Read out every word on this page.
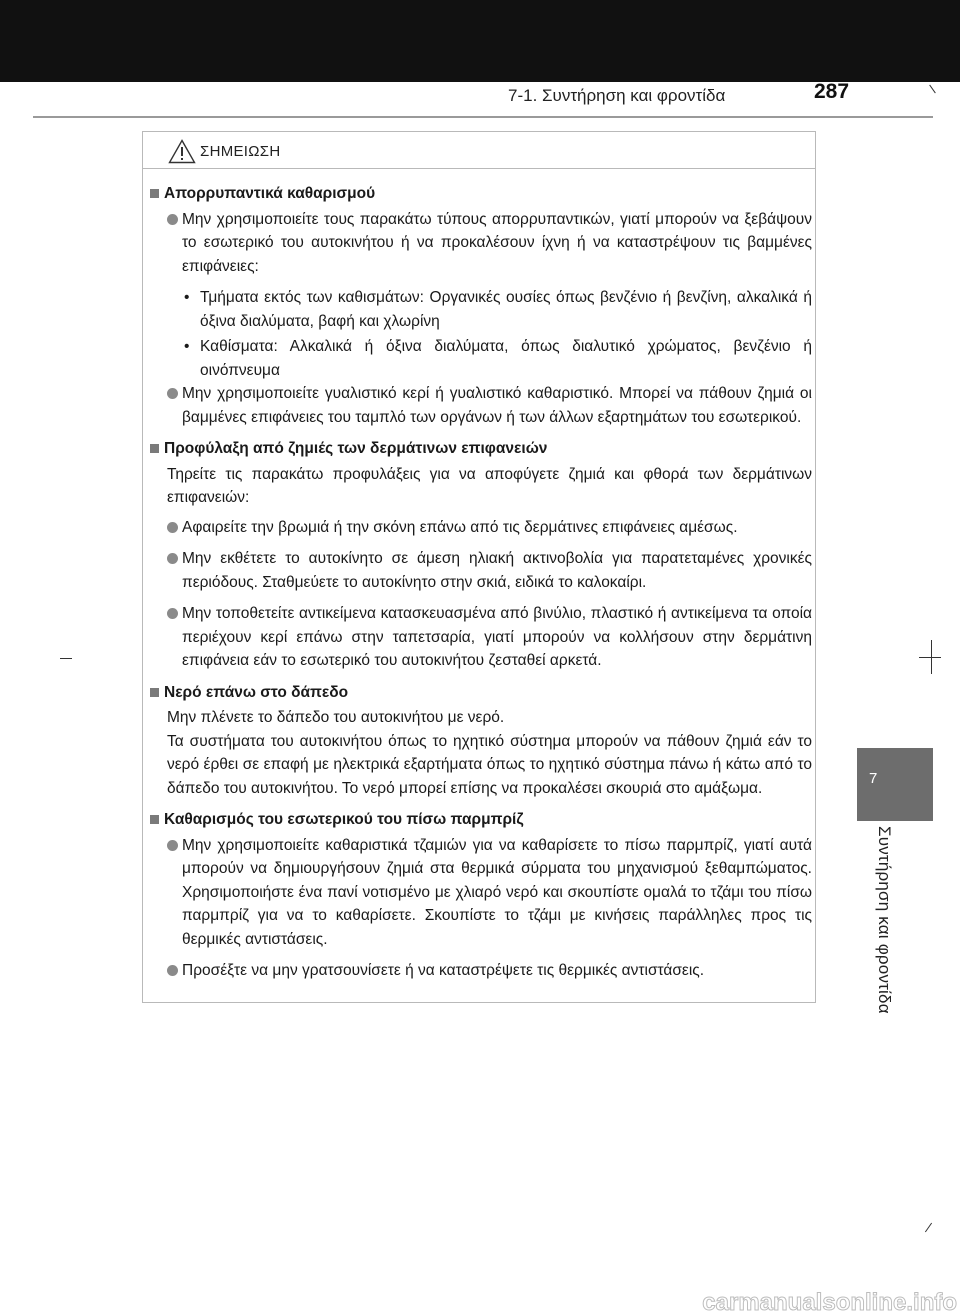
7-1. Συντήρηση και φροντίδα	287
7
Συντήρηση και φροντίδα
ΣΗΜΕΙΩΣΗ
Απορρυπαντικά καθαρισμού
Μην χρησιμοποιείτε τους παρακάτω τύπους απορρυπαντικών, γιατί μπορούν να ξεβάψουν το εσωτερικό του αυτοκινήτου ή να προκαλέσουν ίχνη ή να καταστρέψουν τις βαμμένες επιφάνειες:
• Τμήματα εκτός των καθισμάτων: Οργανικές ουσίες όπως βενζένιο ή βενζίνη, αλκαλικά ή όξινα διαλύματα, βαφή και χλωρίνη
• Καθίσματα: Αλκαλικά ή όξινα διαλύματα, όπως διαλυτικό χρώματος, βενζένιο ή οινόπνευμα
Μην χρησιμοποιείτε γυαλιστικό κερί ή γυαλιστικό καθαριστικό. Μπορεί να πάθουν ζημιά οι βαμμένες επιφάνειες του ταμπλό των οργάνων ή των άλλων εξαρτημάτων του εσωτερικού.
Προφύλαξη από ζημιές των δερμάτινων επιφανειών
Τηρείτε τις παρακάτω προφυλάξεις για να αποφύγετε ζημιά και φθορά των δερμάτινων επιφανειών:
Αφαιρείτε την βρωμιά ή την σκόνη επάνω από τις δερμάτινες επιφάνειες αμέσως.
Μην εκθέτετε το αυτοκίνητο σε άμεση ηλιακή ακτινοβολία για παρατεταμένες χρονικές περιόδους. Σταθμεύετε το αυτοκίνητο στην σκιά, ειδικά το καλοκαίρι.
Μην τοποθετείτε αντικείμενα κατασκευασμένα από βινύλιο, πλαστικό ή αντικείμενα τα οποία περιέχουν κερί επάνω στην ταπετσαρία, γιατί μπορούν να κολλήσουν στην δερμάτινη επιφάνεια εάν το εσωτερικό του αυτοκινήτου ζεσταθεί αρκετά.
Νερό επάνω στο δάπεδο
Μην πλένετε το δάπεδο του αυτοκινήτου με νερό.
Τα συστήματα του αυτοκινήτου όπως το ηχητικό σύστημα μπορούν να πάθουν ζημιά εάν το νερό έρθει σε επαφή με ηλεκτρικά εξαρτήματα όπως το ηχητικό σύστημα πάνω ή κάτω από το δάπεδο του αυτοκινήτου. Το νερό μπορεί επίσης να προκαλέσει σκουριά στο αμάξωμα.
Καθαρισμός του εσωτερικού του πίσω παρμπρίζ
Μην χρησιμοποιείτε καθαριστικά τζαμιών για να καθαρίσετε το πίσω παρμπρίζ, γιατί αυτά μπορούν να δημιουργήσουν ζημιά στα θερμικά σύρματα του μηχανισμού ξεθαμπώματος. Χρησιμοποιήστε ένα πανί νοτισμένο με χλιαρό νερό και σκουπίστε ομαλά το τζάμι του πίσω παρμπρίζ για να το καθαρίσετε. Σκουπίστε το τζάμι με κινήσεις παράλληλες προς τις θερμικές αντιστάσεις.
Προσέξτε να μην γρατσουνίσετε ή να καταστρέψετε τις θερμικές αντιστάσεις.
carmanualsonline.info
